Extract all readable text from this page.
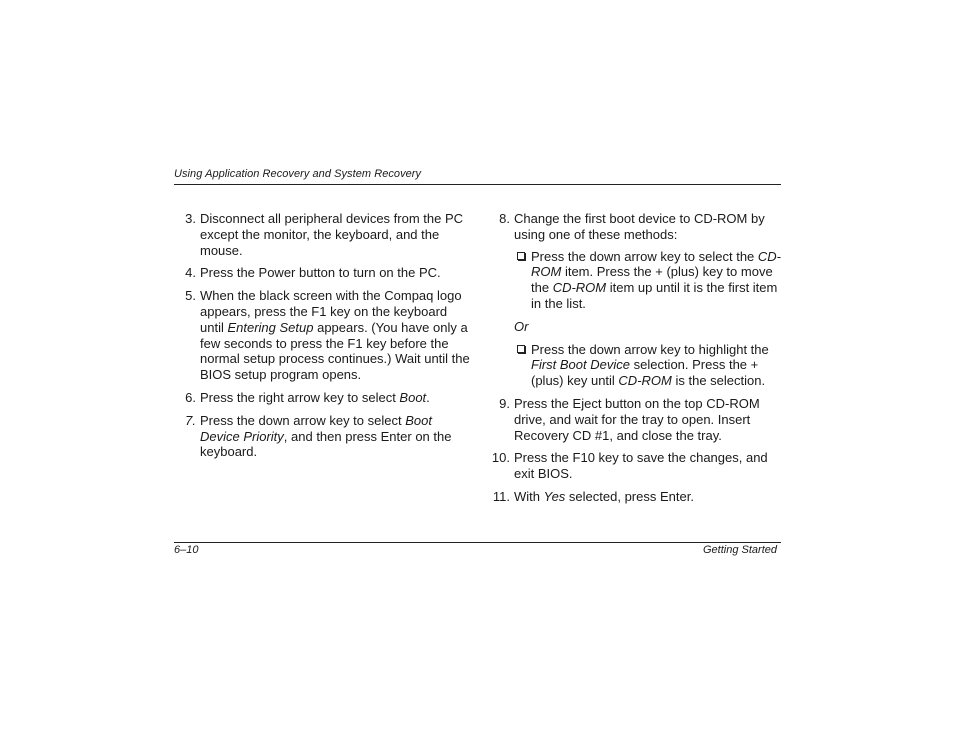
Using Application Recovery and System Recovery
3. Disconnect all peripheral devices from the PC except the monitor, the keyboard, and the mouse.
4. Press the Power button to turn on the PC.
5. When the black screen with the Compaq logo appears, press the F1 key on the keyboard until Entering Setup appears. (You have only a few seconds to press the F1 key before the normal setup process continues.) Wait until the BIOS setup program opens.
6. Press the right arrow key to select Boot.
7. Press the down arrow key to select Boot Device Priority, and then press Enter on the keyboard.
8. Change the first boot device to CD-ROM by using one of these methods:
Press the down arrow key to select the CD-ROM item. Press the + (plus) key to move the CD-ROM item up until it is the first item in the list.
Or
Press the down arrow key to highlight the First Boot Device selection. Press the + (plus) key until CD-ROM is the selection.
9. Press the Eject button on the top CD-ROM drive, and wait for the tray to open. Insert Recovery CD #1, and close the tray.
10. Press the F10 key to save the changes, and exit BIOS.
11. With Yes selected, press Enter.
6–10	Getting Started
